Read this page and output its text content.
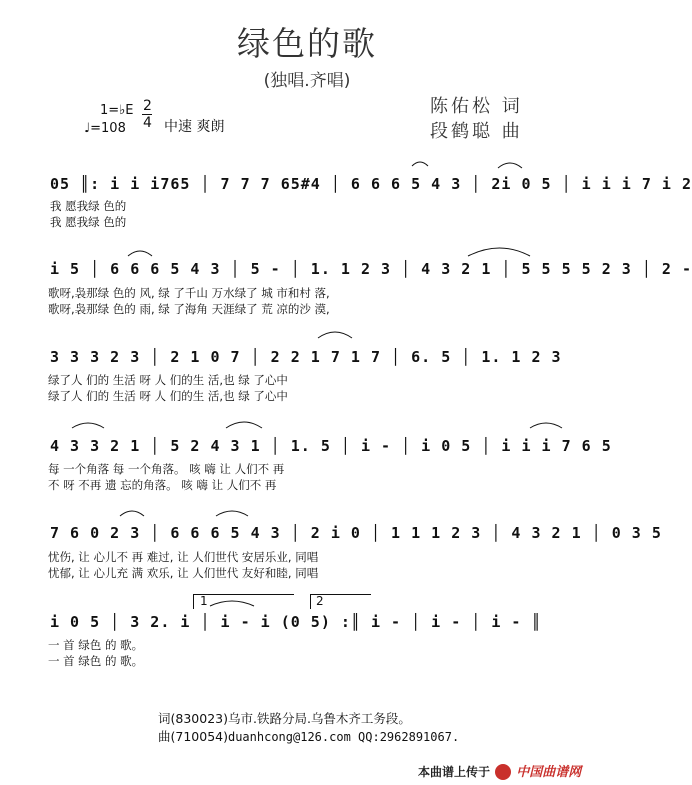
绿色的歌
(独唱.齐唱)
陈佑松 词
段鹤聪 曲
1=♭E 2
4
♩=108	中速 爽朗
05 ║: i i i765 │ 7 7 7 65#4 │ 6 6 6 5 4 3 │ 2i 0 5 │ i i i 7 i 2
我 愿我绿 色的
我 愿我绿 色的
i 5 │ 6 6 6 5 4 3 │ 5 - │ 1. 1 2 3 │ 4 3 2 1 │ 5 5 5 5 2 3 │ 2 -
歌呀,袅那绿 色的 风, 绿 了千山 万水绿了 城 市和村 落,
歌呀,袅那绿 色的 雨, 绿 了海角 天涯绿了 荒 凉的沙 漠,
3 3 3 2 3 │ 2 1 0 7 │ 2 2 1 7 1 7 │ 6. 5 │ 1. 1 2 3
绿了人 们的 生活 呀 人 们的生 活,也 绿 了心中
绿了人 们的 生活 呀 人 们的生 活,也 绿 了心中
4 3 3 2 1 │ 5 2 4 3 1 │ 1. 5 │ i - │ i 0 5 │ i i i 7 6 5
每 一个角落 每 一个角落。 咳 嗨 让 人们不 再
不 呀 不再 遗 忘的角落。 咳 嗨 让 人们不 再
7 6 0 2 3 │ 6 6 6 5 4 3 │ 2 i 0 │ 1 1 1 2 3 │ 4 3 2 1 │ 0 3 5
忧伤, 让 心儿不 再 难过, 让 人们世代 安居乐业, 同唱
忧郁, 让 心儿充 满 欢乐, 让 人们世代 友好和睦, 同唱
1	2
i 0 5 │ 3 2. i │ i - i (0 5) :║ i - │ i - │ i - ║
一 首 绿色 的 歌。
一 首 绿色 的 歌。
词(830023)乌市.铁路分局.乌鲁木齐工务段。
曲(710054)duanhcong@126.com QQ:2962891067.
本曲谱上传于 中国曲谱网
